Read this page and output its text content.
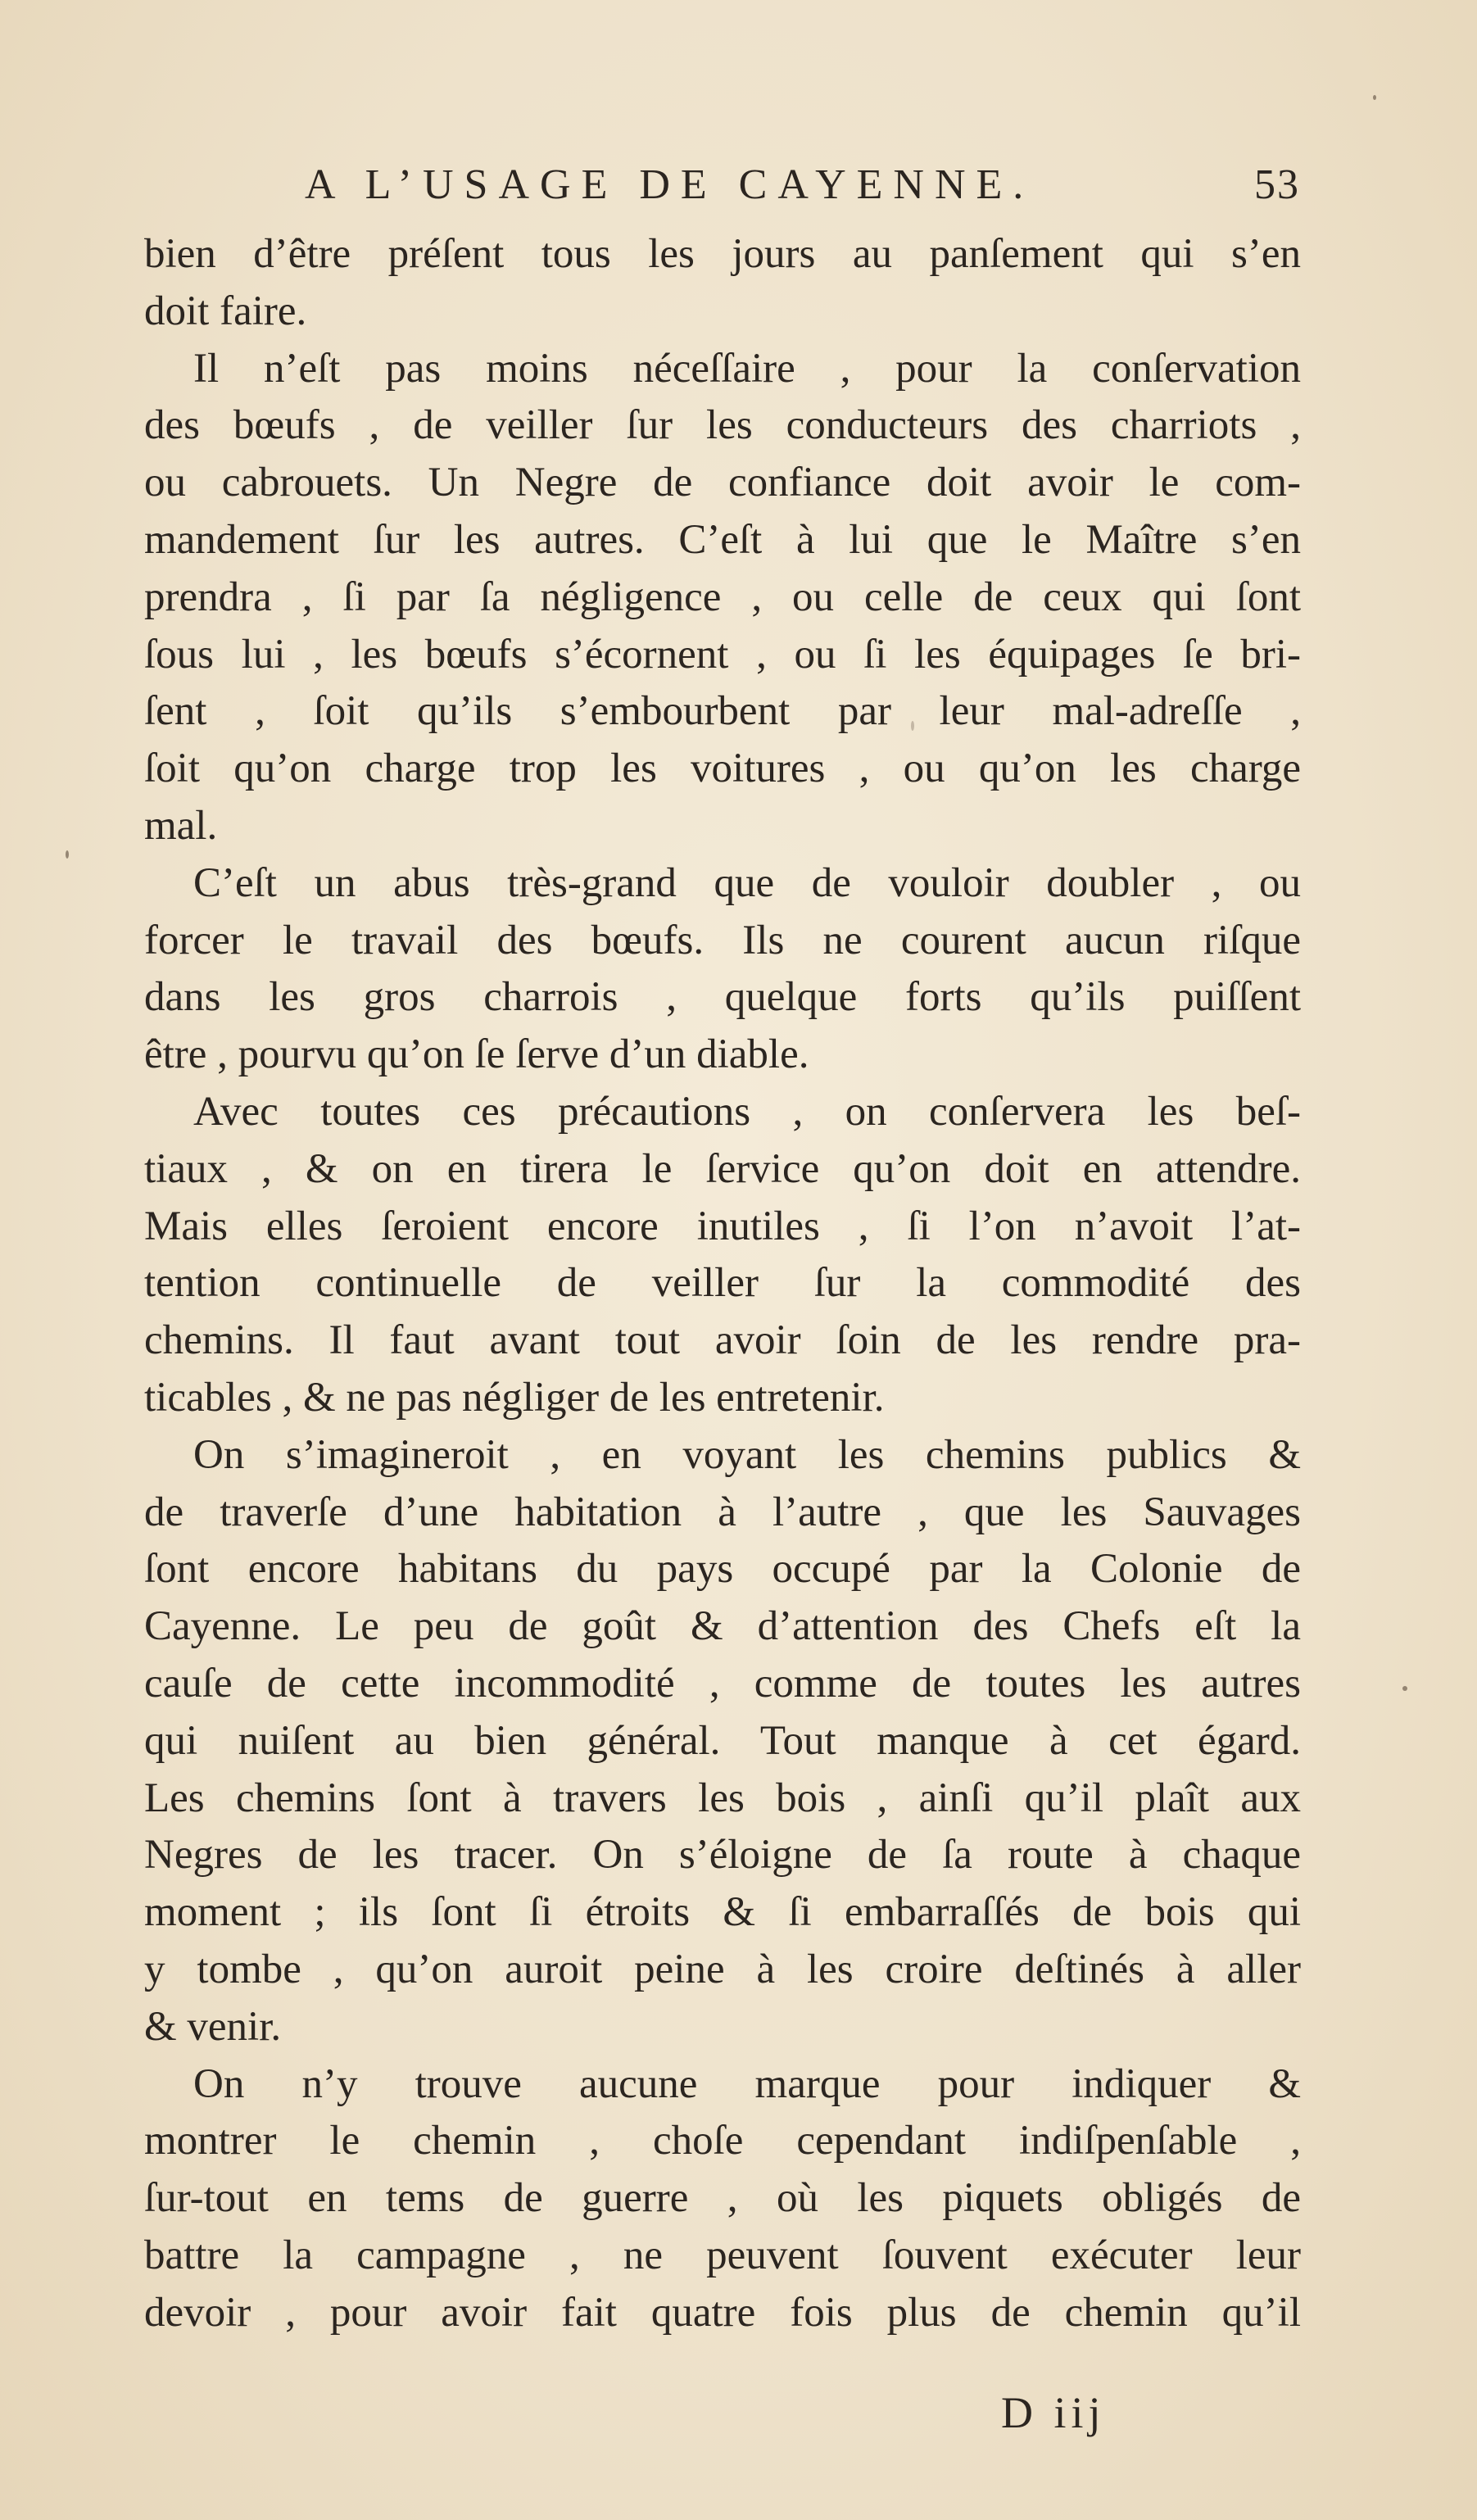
A L’USAGE DE CAYENNE.	53
bien d’être préſent tous les jours au panſement qui s’en
doit faire.
Il n’eſt pas moins néceſſaire , pour la conſervation
des bœufs , de veiller ſur les conducteurs des charriots ,
ou cabrouets. Un Negre de confiance doit avoir le com-
mandement ſur les autres. C’eſt à lui que le Maître s’en
prendra , ſi par ſa négligence , ou celle de ceux qui ſont
ſous lui , les bœufs s’écornent , ou ſi les équipages ſe bri-
ſent , ſoit qu’ils s’embourbent par leur mal-adreſſe ,
ſoit qu’on charge trop les voitures , ou qu’on les charge
mal.
C’eſt un abus très-grand que de vouloir doubler , ou
forcer le travail des bœufs. Ils ne courent aucun riſque
dans les gros charrois , quelque forts qu’ils puiſſent
être , pourvu qu’on ſe ſerve d’un diable.
Avec toutes ces précautions , on conſervera les beſ-
tiaux , & on en tirera le ſervice qu’on doit en attendre.
Mais elles ſeroient encore inutiles , ſi l’on n’avoit l’at-
tention continuelle de veiller ſur la commodité des
chemins. Il faut avant tout avoir ſoin de les rendre pra-
ticables , & ne pas négliger de les entretenir.
On s’imagineroit , en voyant les chemins publics &
de traverſe d’une habitation à l’autre , que les Sauvages
ſont encore habitans du pays occupé par la Colonie de
Cayenne. Le peu de goût & d’attention des Chefs eſt la
cauſe de cette incommodité , comme de toutes les autres
qui nuiſent au bien général. Tout manque à cet égard.
Les chemins ſont à travers les bois , ainſi qu’il plaît aux
Negres de les tracer. On s’éloigne de ſa route à chaque
moment ; ils ſont ſi étroits & ſi embarraſſés de bois qui
y tombe , qu’on auroit peine à les croire deſtinés à aller
& venir.
On n’y trouve aucune marque pour indiquer &
montrer le chemin , choſe cependant indiſpenſable ,
ſur-tout en tems de guerre , où les piquets obligés de
battre la campagne , ne peuvent ſouvent exécuter leur
devoir , pour avoir fait quatre fois plus de chemin qu’il
D iij
